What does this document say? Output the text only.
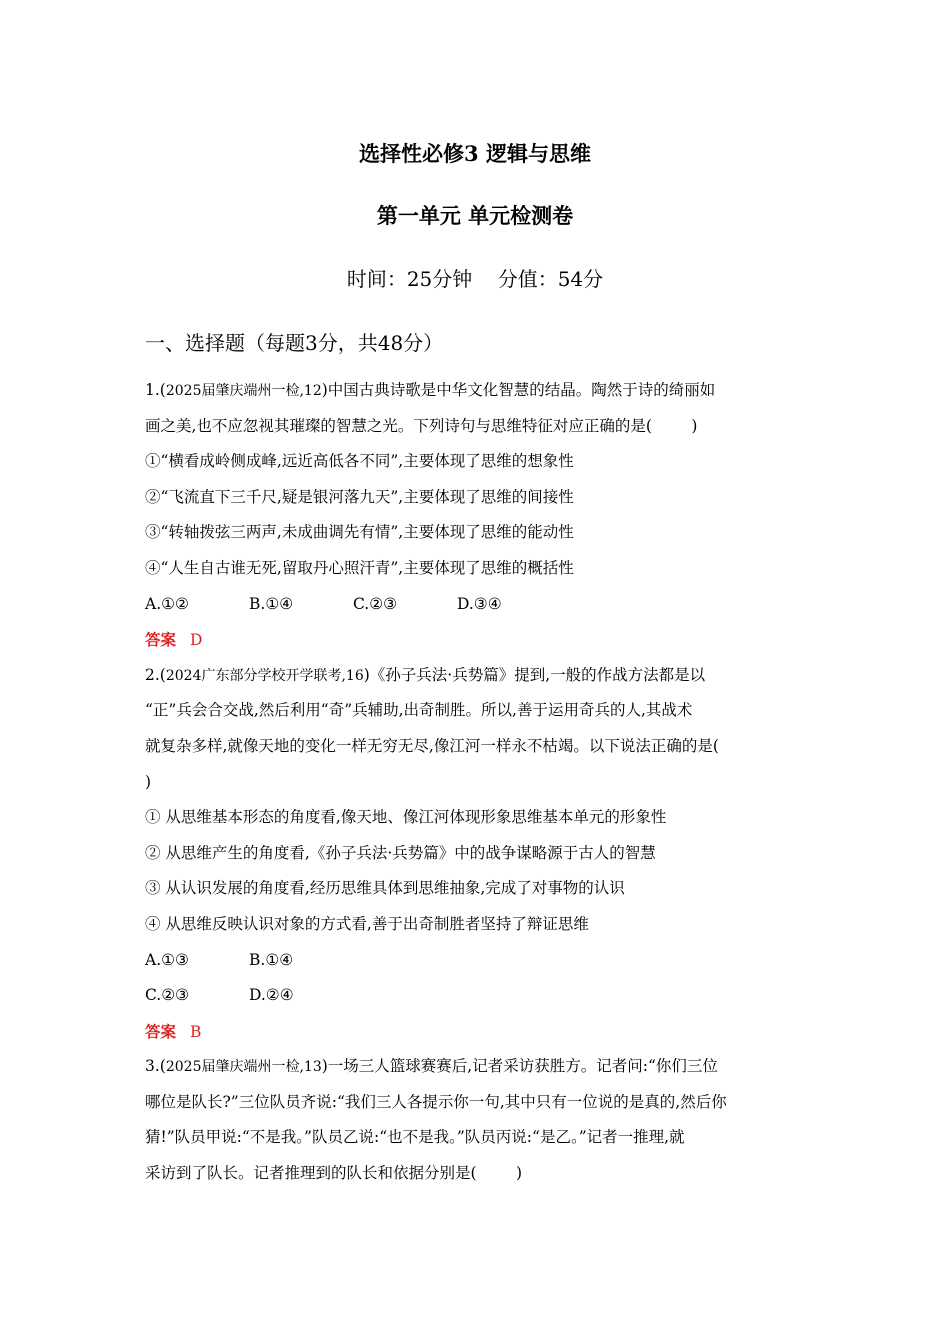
选择性必修3 逻辑与思维
第一单元 单元检测卷
时间：25分钟    分值：54分
一、选择题（每题3分，共48分）
1.(2025届肇庆端州一检,12)中国古典诗歌是中华文化智慧的结晶。陶然于诗的绮丽如
画之美,也不应忽视其璀璨的智慧之光。下列诗句与思维特征对应正确的是(        )
①“横看成岭侧成峰,远近高低各不同”,主要体现了思维的想象性
②“飞流直下三千尺,疑是银河落九天”,主要体现了思维的间接性
③“转轴拨弦三两声,未成曲调先有情”,主要体现了思维的能动性
④“人生自古谁无死,留取丹心照汗青”,主要体现了思维的概括性
A.①②	B.①④	C.②③	D.③④
答案 D
2.(2024广东部分学校开学联考,16)《孙子兵法·兵势篇》提到,一般的作战方法都是以
“正”兵会合交战,然后利用“奇”兵辅助,出奇制胜。所以,善于运用奇兵的人,其战术
就复杂多样,就像天地的变化一样无穷无尽,像江河一样永不枯竭。以下说法正确的是(
)
① 从思维基本形态的角度看,像天地、像江河体现形象思维基本单元的形象性
② 从思维产生的角度看,《孙子兵法·兵势篇》中的战争谋略源于古人的智慧
③ 从认识发展的角度看,经历思维具体到思维抽象,完成了对事物的认识
④ 从思维反映认识对象的方式看,善于出奇制胜者坚持了辩证思维
A.①③	B.①④
C.②③	D.②④
答案 B
3.(2025届肇庆端州一检,13)一场三人篮球赛赛后,记者采访获胜方。记者问:“你们三位
哪位是队长?”三位队员齐说:“我们三人各提示你一句,其中只有一位说的是真的,然后你
猜!”队员甲说:“不是我。”队员乙说:“也不是我。”队员丙说:“是乙。”记者一推理,就
采访到了队长。记者推理到的队长和依据分别是(        )
